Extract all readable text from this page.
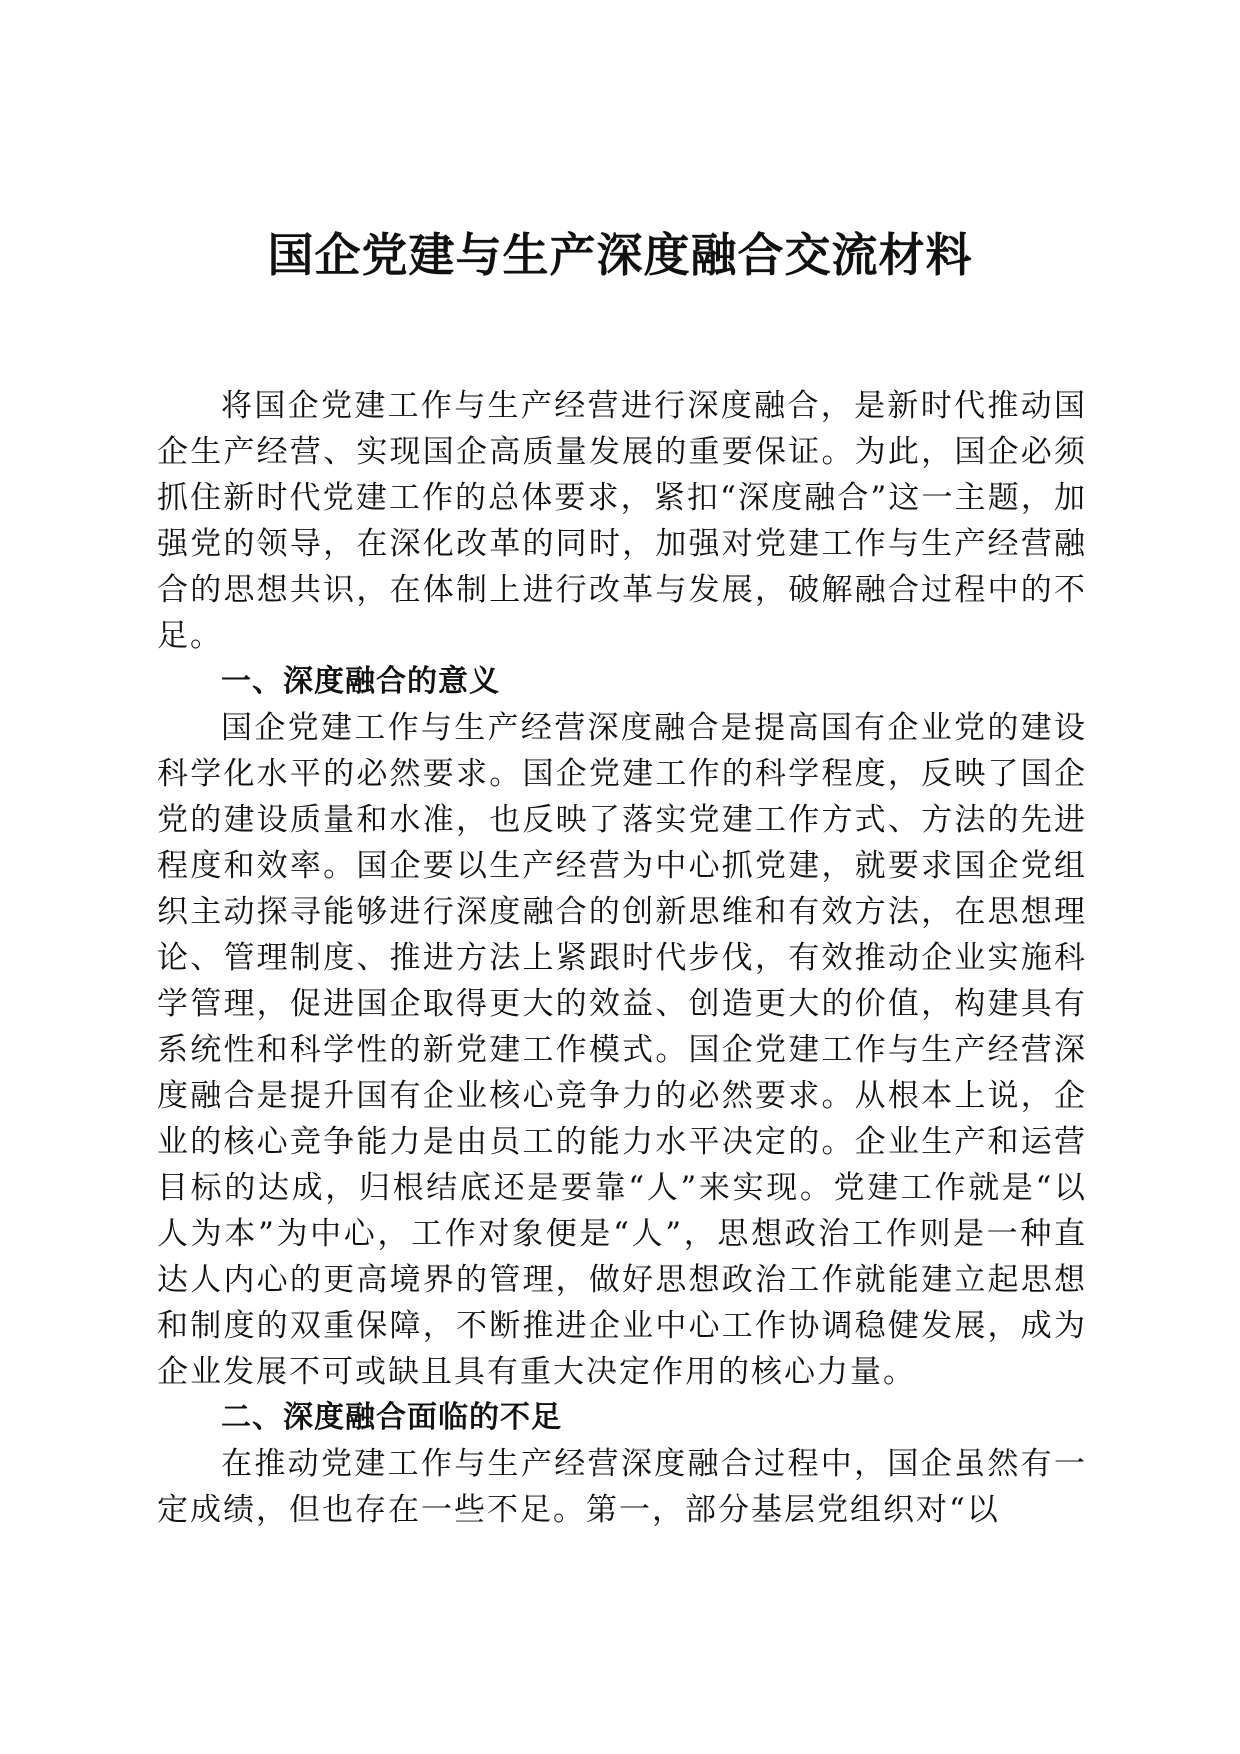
国企党建与生产深度融合交流材料

将国企党建工作与生产经营进行深度融合，是新时代推动国企生产经营、实现国企高质量发展的重要保证。为此，国企必须抓住新时代党建工作的总体要求，紧扣“深度融合”这一主题，加强党的领导，在深化改革的同时，加强对党建工作与生产经营融合的思想共识，在体制上进行改革与发展，破解融合过程中的不足。

一、深度融合的意义

国企党建工作与生产经营深度融合是提高国有企业党的建设科学化水平的必然要求。国企党建工作的科学程度，反映了国企党的建设质量和水准，也反映了落实党建工作方式、方法的先进程度和效率。国企要以生产经营为中心抓党建，就要求国企党组织主动探寻能够进行深度融合的创新思维和有效方法，在思想理论、管理制度、推进方法上紧跟时代步伐，有效推动企业实施科学管理，促进国企取得更大的效益、创造更大的价值，构建具有系统性和科学性的新党建工作模式。国企党建工作与生产经营深度融合是提升国有企业核心竞争力的必然要求。从根本上说，企业的核心竞争能力是由员工的能力水平决定的。企业生产和运营目标的达成，归根结底还是要靠“人”来实现。党建工作就是“以人为本”为中心，工作对象便是“人”，思想政治工作则是一种直达人内心的更高境界的管理，做好思想政治工作就能建立起思想和制度的双重保障，不断推进企业中心工作协调稳健发展，成为企业发展不可或缺且具有重大决定作用的核心力量。

二、深度融合面临的不足

在推动党建工作与生产经营深度融合过程中，国企虽然有一定成绩，但也存在一些不足。第一，部分基层党组织对“以
